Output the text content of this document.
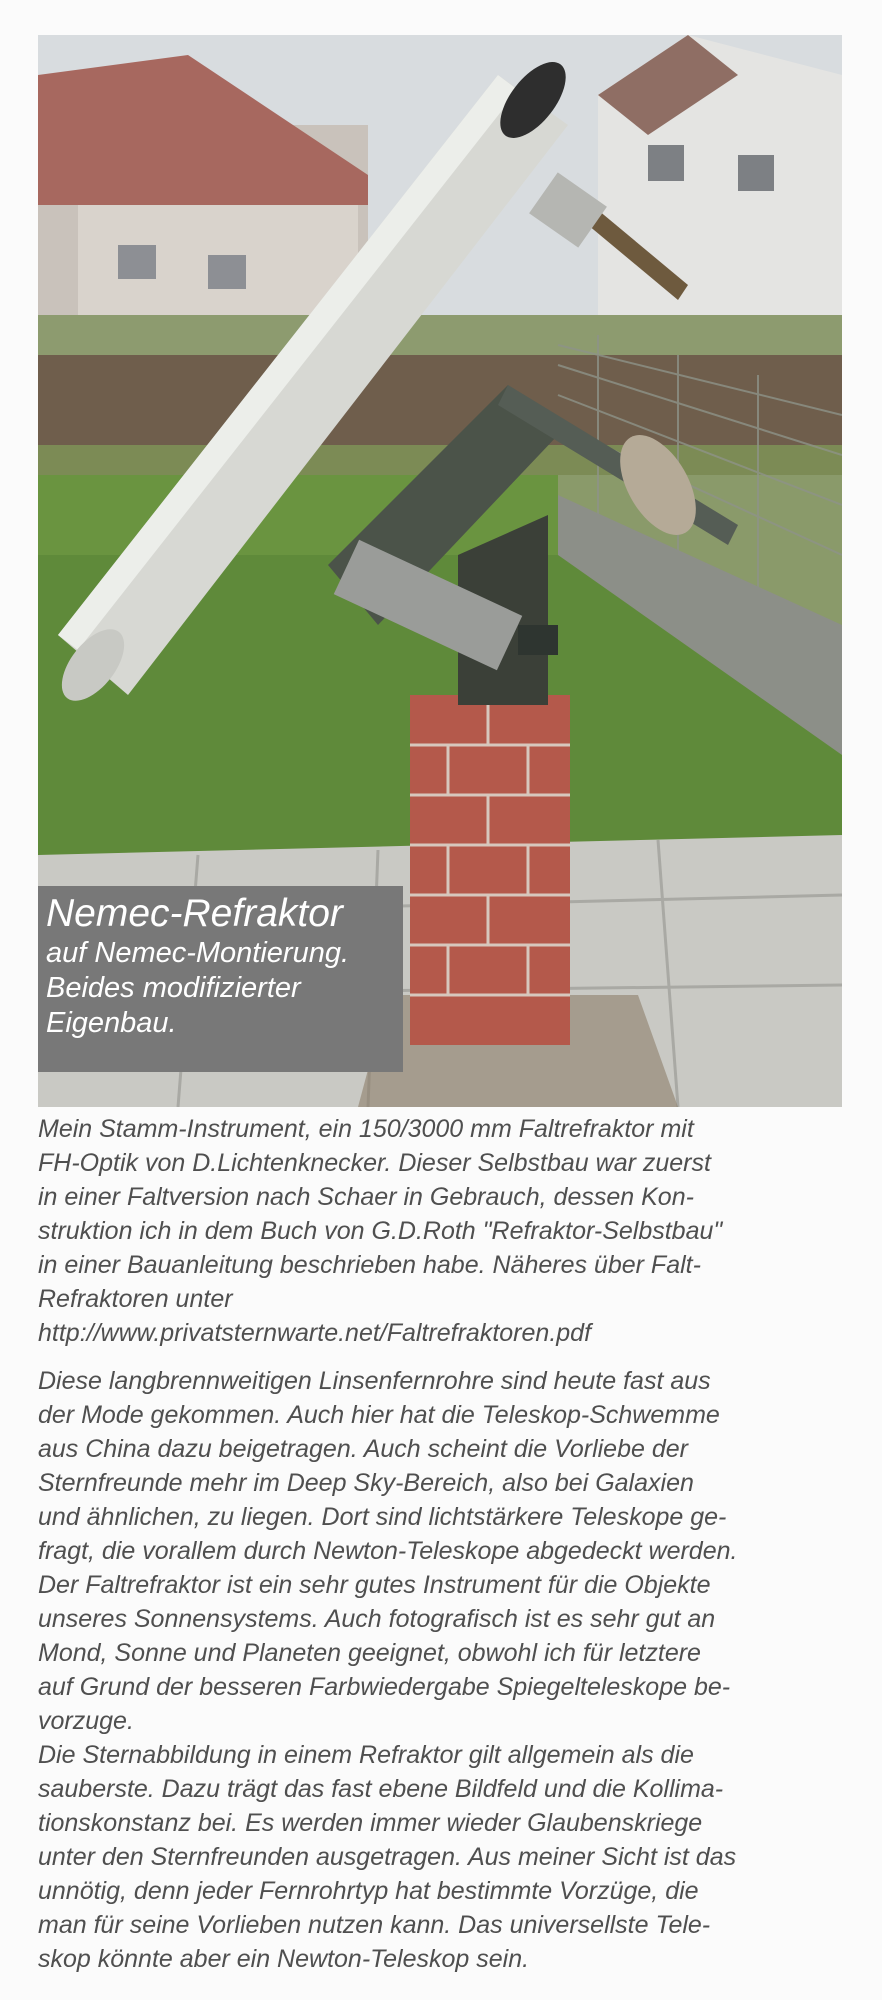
Nemec-Refraktor

auf Nemec-Montierung.

Beides modifizierter

Eigenbau.

Mein Stamm-Instrument, ein 150/3000 mm Faltrefraktor mit

FH-Optik von D.Lichtenknecker. Dieser Selbstbau war zuerst

in einer Faltversion nach Schaer in Gebrauch, dessen Kon-

struktion ich in dem Buch von G.D.Roth "Refraktor-Selbstbau"

in einer Bauanleitung beschrieben habe. Näheres über Falt-

Refraktoren unter

http://www.privatsternwarte.net/Faltrefraktoren.pdf

Diese langbrennweitigen Linsenfernrohre sind heute fast aus

der Mode gekommen. Auch hier hat die Teleskop-Schwemme

aus China dazu beigetragen. Auch scheint die Vorliebe der

Sternfreunde mehr im Deep Sky-Bereich, also bei Galaxien

und ähnlichen, zu liegen. Dort sind lichtstärkere Teleskope ge-

fragt, die vorallem durch Newton-Teleskope abgedeckt werden.

Der Faltrefraktor ist ein sehr gutes Instrument für die Objekte

unseres Sonnensystems. Auch fotografisch ist es sehr gut an

Mond, Sonne und Planeten geeignet, obwohl ich für letztere

auf Grund der besseren Farbwiedergabe Spiegelteleskope be-

vorzuge.

Die Sternabbildung in einem Refraktor gilt allgemein als die

sauberste. Dazu trägt das fast ebene Bildfeld und die Kollima-

tionskonstanz bei. Es werden immer wieder Glaubenskriege

unter den Sternfreunden ausgetragen. Aus meiner Sicht ist das

unnötig, denn jeder Fernrohrtyp hat bestimmte Vorzüge, die

man für seine Vorlieben nutzen kann. Das universellste Tele-

skop könnte aber ein Newton-Teleskop sein.
